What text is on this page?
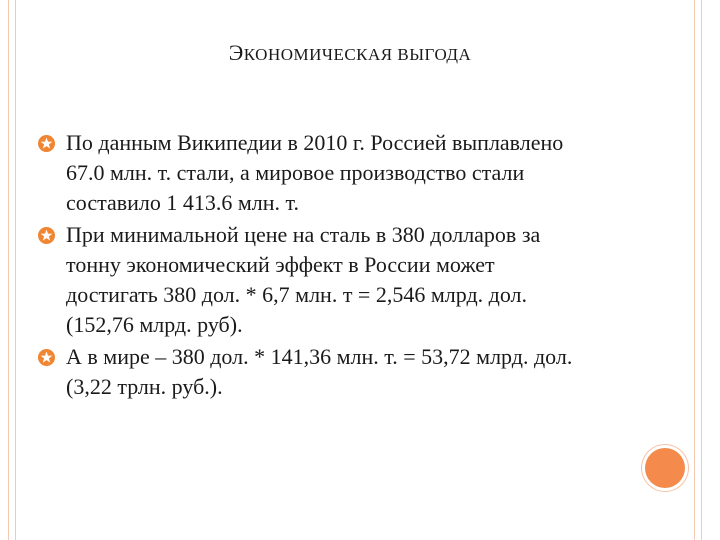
ЭКОНОМИЧЕСКАЯ ВЫГОДА
По данным Википедии в 2010 г. Россией выплавлено
67.0 млн. т. стали, а мировое производство стали
составило 1 413.6 млн. т.
При минимальной цене на сталь в 380 долларов за
тонну экономический эффект в России может
достигать 380 дол. * 6,7 млн. т = 2,546 млрд. дол.
(152,76 млрд. руб).
А в мире – 380 дол. * 141,36 млн. т. = 53,72 млрд. дол.
(3,22 трлн. руб.).
